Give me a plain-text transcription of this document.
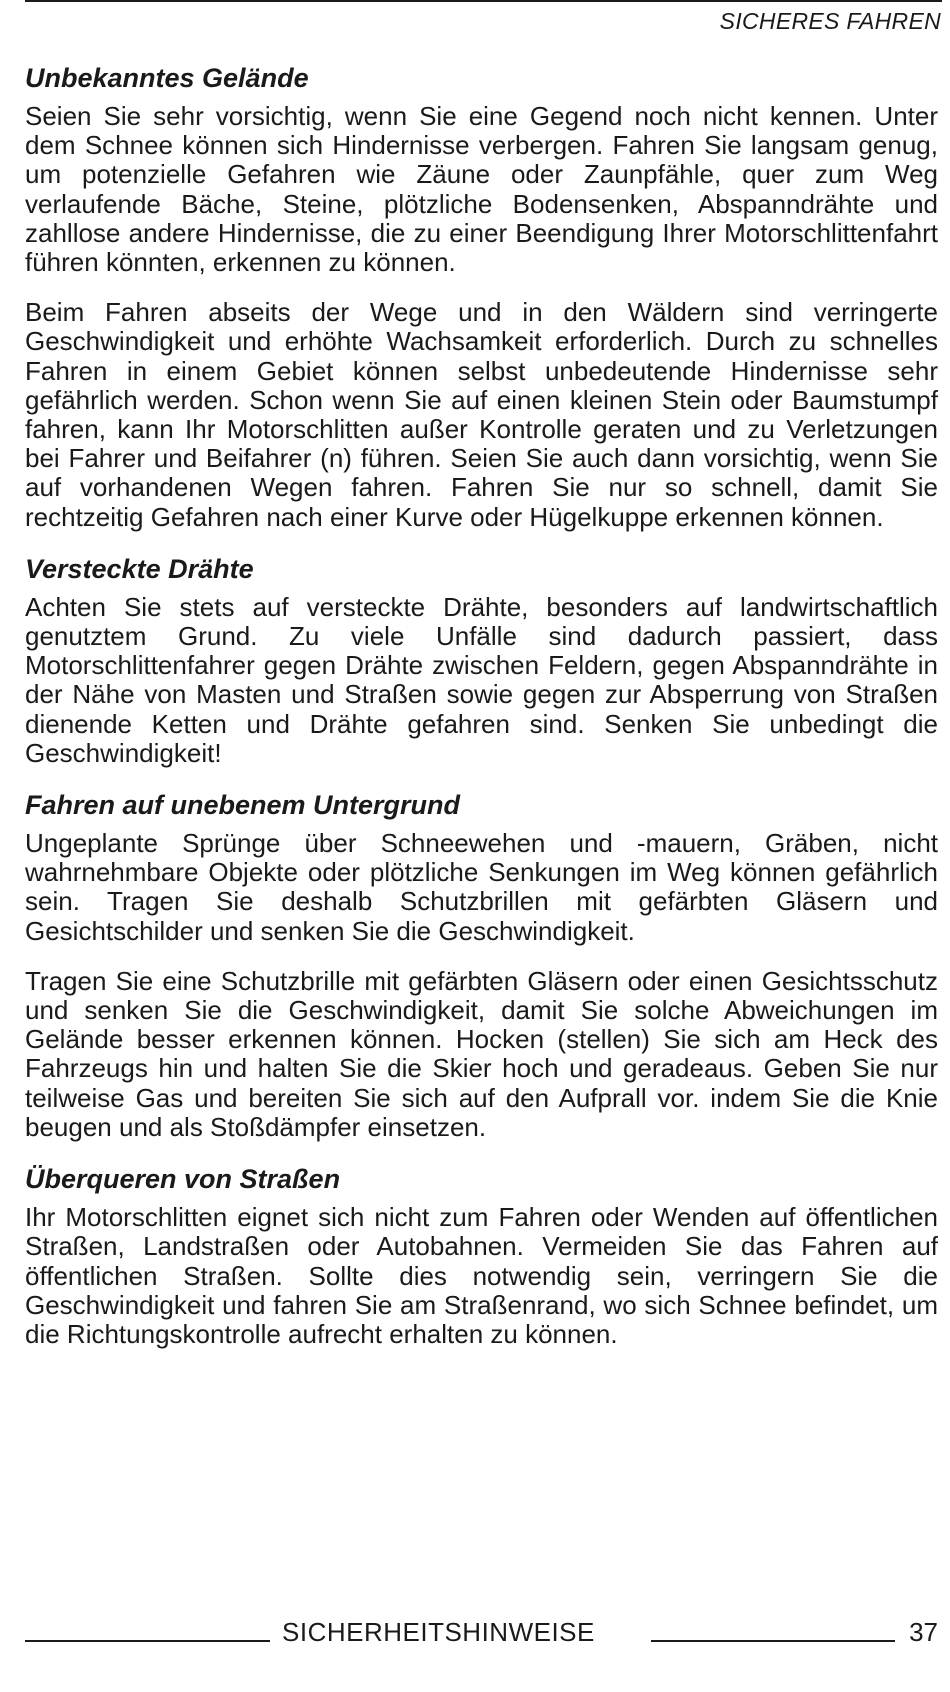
SICHERES FAHREN
Unbekanntes Gelände

Seien Sie sehr vorsichtig, wenn Sie eine Gegend noch nicht kennen. Unter dem Schnee können sich Hindernisse verbergen. Fahren Sie langsam genug, um potenzielle Gefahren wie Zäune oder Zaunpfähle, quer zum Weg verlaufende Bäche, Steine, plötzliche Bodensenken, Abspanndrähte und zahllose andere Hindernisse, die zu einer Beendigung Ihrer Motorschlittenfahrt führen könnten, erkennen zu können.

Beim Fahren abseits der Wege und in den Wäldern sind verringerte Geschwindigkeit und erhöhte Wachsamkeit erforderlich. Durch zu schnelles Fahren in einem Gebiet können selbst unbedeutende Hindernisse sehr gefährlich werden. Schon wenn Sie auf einen kleinen Stein oder Baumstumpf fahren, kann Ihr Motorschlitten außer Kontrolle geraten und zu Verletzungen bei Fahrer und Beifahrer (n) führen. Seien Sie auch dann vorsichtig, wenn Sie auf vorhandenen Wegen fahren. Fahren Sie nur so schnell, damit Sie rechtzeitig Gefahren nach einer Kurve oder Hügelkuppe erkennen können.

Versteckte Drähte

Achten Sie stets auf versteckte Drähte, besonders auf landwirtschaftlich genutztem Grund. Zu viele Unfälle sind dadurch passiert, dass Motorschlittenfahrer gegen Drähte zwischen Feldern, gegen Abspanndrähte in der Nähe von Masten und Straßen sowie gegen zur Absperrung von Straßen dienende Ketten und Drähte gefahren sind. Senken Sie unbedingt die Geschwindigkeit!

Fahren auf unebenem Untergrund

Ungeplante Sprünge über Schneewehen und -mauern, Gräben, nicht wahrnehmbare Objekte oder plötzliche Senkungen im Weg können gefährlich sein. Tragen Sie deshalb Schutzbrillen mit gefärbten Gläsern und Gesichtschilder und senken Sie die Geschwindigkeit.

Tragen Sie eine Schutzbrille mit gefärbten Gläsern oder einen Gesichtsschutz und senken Sie die Geschwindigkeit, damit Sie solche Abweichungen im Gelände besser erkennen können. Hocken (stellen) Sie sich am Heck des Fahrzeugs hin und halten Sie die Skier hoch und geradeaus. Geben Sie nur teilweise Gas und bereiten Sie sich auf den Aufprall vor. indem Sie die Knie beugen und als Stoßdämpfer einsetzen.

Überqueren von Straßen

Ihr Motorschlitten eignet sich nicht zum Fahren oder Wenden auf öffentlichen Straßen, Landstraßen oder Autobahnen. Vermeiden Sie das Fahren auf öffentlichen Straßen. Sollte dies notwendig sein, verringern Sie die Geschwindigkeit und fahren Sie am Straßenrand, wo sich Schnee befindet, um die Richtungskontrolle aufrecht erhalten zu können.

SICHERHEITSHINWEISE	37
